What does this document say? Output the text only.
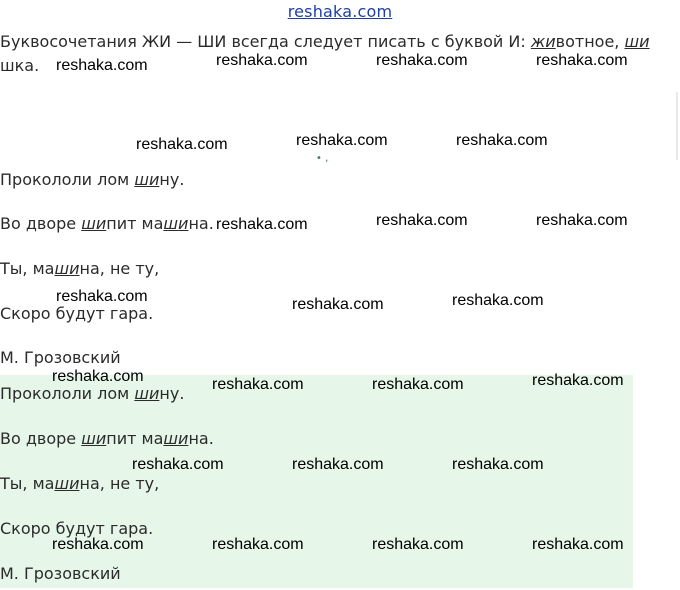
reshaka.com
Буквосочетания ЖИ — ШИ всегда следует писать с буквой И: животное, ши
шка.
• ,
Прокололи лом шину.
Во дворе шипит машина.
Ты, машина, не ту,
Скоро будут гара.
М. Грозовский
Прокололи лом шину.
Во дворе шипит машина.
Ты, машина, не ту,
Скоро будут гара.
М. Грозовский
reshaka.com	reshaka.com	reshaka.com	reshaka.com
reshaka.com	reshaka.com	reshaka.com
reshaka.com	reshaka.com	reshaka.com
reshaka.com	reshaka.com	reshaka.com
reshaka.com	reshaka.com	reshaka.com	reshaka.com
reshaka.com	reshaka.com	reshaka.com
reshaka.com	reshaka.com	reshaka.com	reshaka.com
